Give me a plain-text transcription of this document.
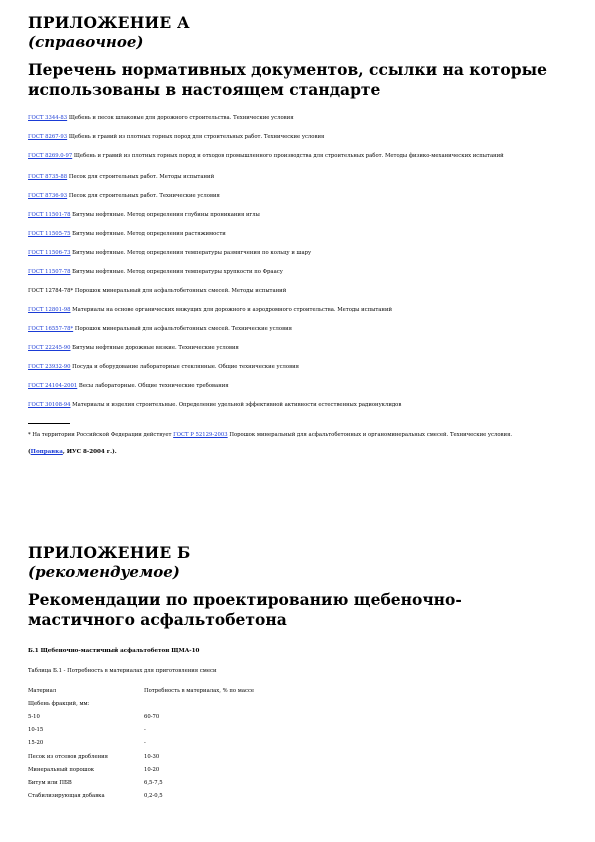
ПРИЛОЖЕНИЕ А
(справочное)
Перечень нормативных документов, ссылки на которые использованы в настоящем стандарте
ГОСТ 3344-83 Щебень и песок шлаковые для дорожного строительства. Технические условия
ГОСТ 8267-93 Щебень и гравий из плотных горных пород для строительных работ. Технические условия
ГОСТ 8269.0-97 Щебень и гравий из плотных горных пород и отходов промышленного производства для строительных работ. Методы физико-механических испытаний
ГОСТ 8735-88 Песок для строительных работ. Методы испытаний
ГОСТ 8736-93 Песок для строительных работ. Технические условия
ГОСТ 11501-78 Битумы нефтяные. Метод определения глубины проникания иглы
ГОСТ 11505-75 Битумы нефтяные. Метод определения растяжимости
ГОСТ 11506-73 Битумы нефтяные. Метод определения температуры размягчения по кольцу и шару
ГОСТ 11507-78 Битумы нефтяные. Метод определения температуры хрупкости по Фраасу
ГОСТ 12784-78* Порошок минеральный для асфальтобетонных смесей. Методы испытаний
ГОСТ 12801-98 Материалы на основе органических вяжущих для дорожного и аэродромного строительства. Методы испытаний
ГОСТ 16557-78* Порошок минеральный для асфальтобетонных смесей. Технические условия
ГОСТ 22245-90 Битумы нефтяные дорожные вязкие. Технические условия
ГОСТ 23932-90 Посуда и оборудование лабораторные стеклянные. Общие технические условия
ГОСТ 24104-2001 Весы лабораторные. Общие технические требования
ГОСТ 30108-94 Материалы и изделия строительные. Определение удельной эффективной активности естественных радионуклидов
* На территории Российской Федерации действует ГОСТ Р 52129-2003 Порошок минеральный для асфальтобетонных и органоминеральных смесей. Технические условия.
(Поправка, ИУС 8-2004 г.).
ПРИЛОЖЕНИЕ Б
(рекомендуемое)
Рекомендации по проектированию щебеночно-мастичного асфальтобетона
Б.1 Щебеночно-мастичный асфальтобетон ЩМА-10
Таблица Б.1 - Потребность в материалах для приготовления смеси
Материал	Потребность в материалах, % по массе
Щебень фракций, мм:	
5-10	60-70
10-15	-
15-20	-
Песок из отсевов дробления	10-30
Минеральный порошок	10-20
Битум или ПБВ	6,5-7,5
Стабилизирующая добавка	0,2-0,5
